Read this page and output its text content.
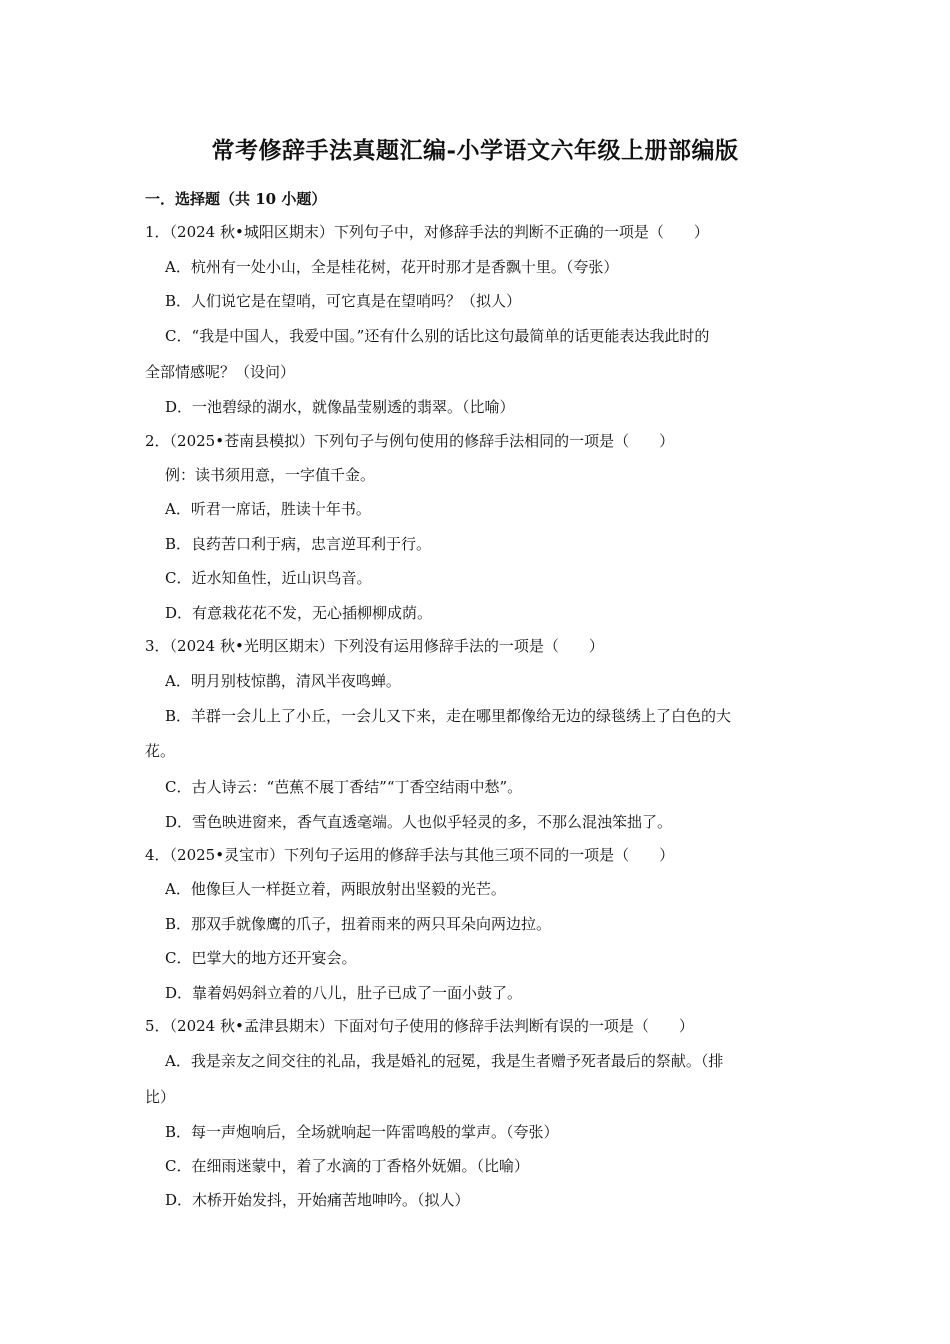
常考修辞手法真题汇编-小学语文六年级上册部编版

一．选择题（共 10 小题）

1．（2024 秋•城阳区期末）下列句子中，对修辞手法的判断不正确的一项是（　　）

A．杭州有一处小山，全是桂花树，花开时那才是香飘十里。（夸张）

B．人们说它是在望哨，可它真是在望哨吗？（拟人）

C．“我是中国人，我爱中国。”还有什么别的话比这句最简单的话更能表达我此时的

全部情感呢？（设问）

D．一池碧绿的湖水，就像晶莹剔透的翡翠。（比喻）

2．（2025•苍南县模拟）下列句子与例句使用的修辞手法相同的一项是（　　）

例：读书须用意，一字值千金。

A．听君一席话，胜读十年书。

B．良药苦口利于病，忠言逆耳利于行。

C．近水知鱼性，近山识鸟音。

D．有意栽花花不发，无心插柳柳成荫。

3．（2024 秋•光明区期末）下列没有运用修辞手法的一项是（　　）

A．明月别枝惊鹊，清风半夜鸣蝉。

B．羊群一会儿上了小丘，一会儿又下来，走在哪里都像给无边的绿毯绣上了白色的大

花。

C．古人诗云：“芭蕉不展丁香结”“丁香空结雨中愁”。

D．雪色映进窗来，香气直透毫端。人也似乎轻灵的多，不那么混浊笨拙了。

4．（2025•灵宝市）下列句子运用的修辞手法与其他三项不同的一项是（　　）

A．他像巨人一样挺立着，两眼放射出坚毅的光芒。

B．那双手就像鹰的爪子，扭着雨来的两只耳朵向两边拉。

C．巴掌大的地方还开宴会。

D．靠着妈妈斜立着的八儿，肚子已成了一面小鼓了。

5．（2024 秋•孟津县期末）下面对句子使用的修辞手法判断有误的一项是（　　）

A．我是亲友之间交往的礼品，我是婚礼的冠冕，我是生者赠予死者最后的祭献。（排

比）

B．每一声炮响后，全场就响起一阵雷鸣般的掌声。（夸张）

C．在细雨迷蒙中，着了水滴的丁香格外妩媚。（比喻）

D．木桥开始发抖，开始痛苦地呻吟。（拟人）
